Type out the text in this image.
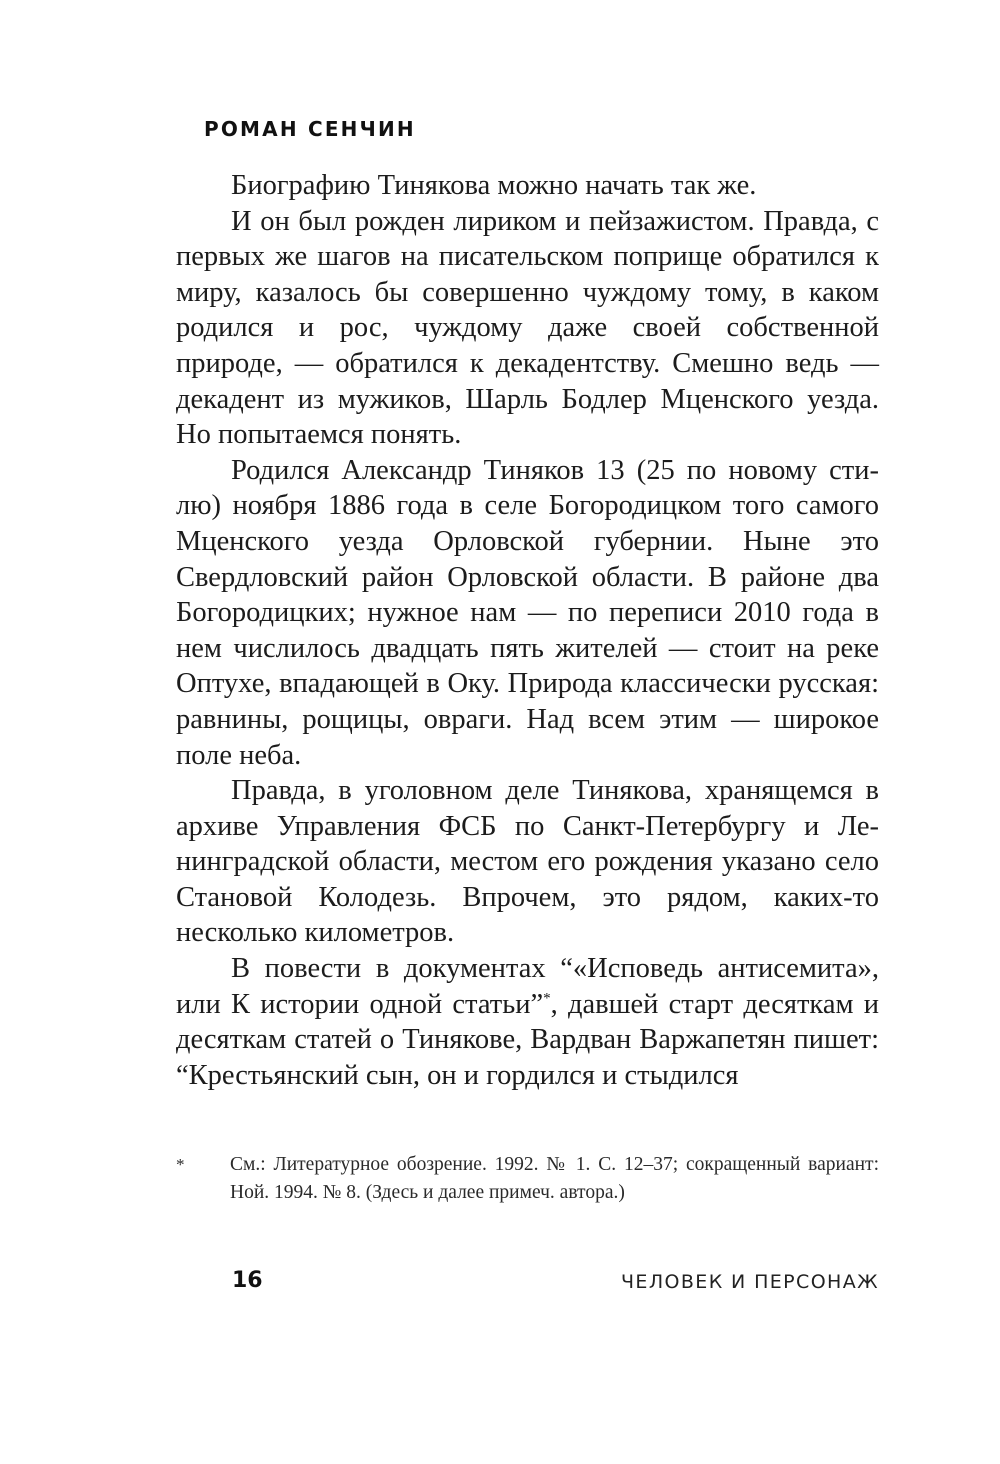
РОМАН СЕНЧИН

Биографию Тинякова можно начать так же.

И он был рожден лириком и пейзажистом. Правда, с первых же шагов на писательском поприще обратился к миру, казалось бы совершенно чуждому тому, в каком родился и рос, чуждому даже своей собственной природе, — обратился к декадентству. Смешно ведь — декадент из мужиков, Шарль Бодлер Мценского уезда. Но попытаемся понять.

Родился Александр Тиняков 13 (25 по новому стилю) ноября 1886 года в селе Богородицком того самого Мценского уезда Орловской губернии. Ныне это Свердловский район Орловской области. В районе два Богородицких; нужное нам — по переписи 2010 года в нем числилось двадцать пять жителей — стоит на реке Оптухе, впадающей в Оку. Природа классически русская: равнины, рощицы, овраги. Над всем этим — широкое поле неба.

Правда, в уголовном деле Тинякова, хранящемся в архиве Управления ФСБ по Санкт-Петербургу и Ленинградской области, местом его рождения указано село Становой Колодезь. Впрочем, это рядом, каких-то несколько километров.

В повести в документах “«Исповедь антисемита», или К истории одной статьи”*, давшей старт десяткам и десяткам статей о Тинякове, Вардван Варжапетян пишет: “Крестьянский сын, он и гордился и стыдился

*	См.: Литературное обозрение. 1992. № 1. С. 12–37; сокращенный вариант: Ной. 1994. № 8. (Здесь и далее примеч. автора.)
16	ЧЕЛОВЕК И ПЕРСОНАЖ
